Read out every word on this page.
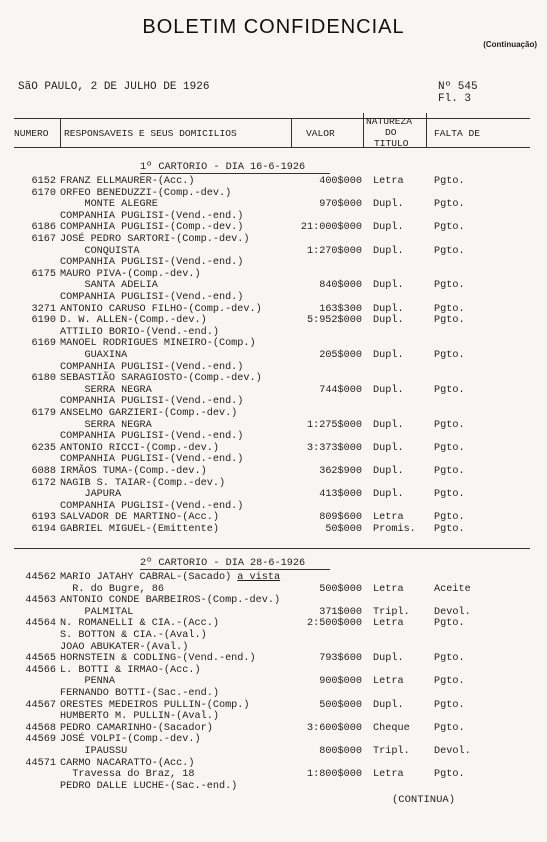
BOLETIM CONFIDENCIAL
(Continuação)
SãO PAULO, 2 DE JULHO DE 1926	Nº 545
Fl. 3
NUMERO RESPONSAVEIS E SEUS DOMICILIOS	VALOR
NATUREZA
DO
TITULO
FALTA DE
1º CARTORIO - DIA 16-6-1926
6152 FRANZ ELLMAURER-(Acc.)	400$000 Letra	Pgto.
6170 ORFEO BENEDUZZI-(Comp.-dev.)
MONTE ALEGRE	970$000 Dupl.	Pgto.
COMPANHIA PUGLISI-(Vend.-end.)
6186 COMPANHIA PUGLISI-(Comp.-dev.)	21:000$000 Dupl.	Pgto.
6167 JOSÉ PEDRO SARTORI-(Comp.-dev.)
CONQUISTA	1:270$000 Dupl.	Pgto.
COMPANHIA PUGLISI-(Vend.-end.)
6175 MAURO PIVA-(Comp.-dev.)
SANTA ADELIA	840$000 Dupl.	Pgto.
COMPANHIA PUGLISI-(Vend.-end.)
3271 ANTONIO CARUSO FILHO-(Comp.-dev.)	163$300 Dupl.	Pgto.
6190 D. W. ALLEN-(Comp.-dev.)	5:952$000 Dupl.	Pgto.
ATTILIO BORIO-(Vend.-end.)
6169 MANOEL RODRIGUES MINEIRO-(Comp.)
GUAXINA	205$000 Dupl.	Pgto.
COMPANHIA PUGLISI-(Vend.-end.)
6180 SEBASTIÃO SARAGIOSTO-(Comp.-dev.)
SERRA NEGRA	744$000 Dupl.	Pgto.
COMPANHIA PUGLISI-(Vend.-end.)
6179 ANSELMO GARZIERI-(Comp.-dev.)
SERRA NEGRA	1:275$000 Dupl.	Pgto.
COMPANHIA PUGLISI-(Vend.-end.)
6235 ANTONIO RICCI-(Comp.-dev.)	3:373$000 Dupl.	Pgto.
COMPANHIA PUGLISI-(Vend.-end.)
6088 IRMÃOS TUMA-(Comp.-dev.)	362$900 Dupl.	Pgto.
6172 NAGIB S. TAIAR-(Comp.-dev.)
JAPURA	413$000 Dupl.	Pgto.
COMPANHIA PUGLISI-(Vend.-end.)
6193 SALVADOR DE MARTINO-(Acc.)	809$600 Letra	Pgto.
6194 GABRIEL MIGUEL-(Emittente)	50$000 Promis. Pgto.
44562 MARIO JATAHY CABRAL-(Sacado) a vista
R. do Bugre, 86	500$000 Letra	Aceite
44563 ANTONIO CONDE BARBEIROS-(Comp.-dev.)
PALMITAL	371$000 Tripl. Devol.
44564 N. ROMANELLI & CIA.-(Acc.)	2:500$000 Letra	Pgto.
S. BOTTON & CIA.-(Aval.)
JOAO ABUKATER-(Aval.)
44565 HORNSTEIN & CODLING-(Vend.-end.)	793$600 Dupl.	Pgto.
44566 L. BOTTI & IRMAO-(Acc.)
PENNA	900$000 Letra	Pgto.
FERNANDO BOTTI-(Sac.-end.)
44567 ORESTES MEDEIROS PULLIN-(Comp.)	500$000 Dupl.	Pgto.
HUMBERTO M. PULLIN-(Aval.)
44568 PEDRO CAMARINHO-(Sacador)	3:600$000 Cheque Pgto.
44569 JOSÉ VOLPI-(Comp.-dev.)
IPAUSSU	800$000 Tripl. Devol.
44571 CARMO NACARATTO-(Acc.)
Travessa do Braz, 18	1:800$000 Letra	Pgto.
PEDRO DALLE LUCHE-(Sac.-end.)
2º CARTORIO - DIA 28-6-1926
(CONTINUA)
